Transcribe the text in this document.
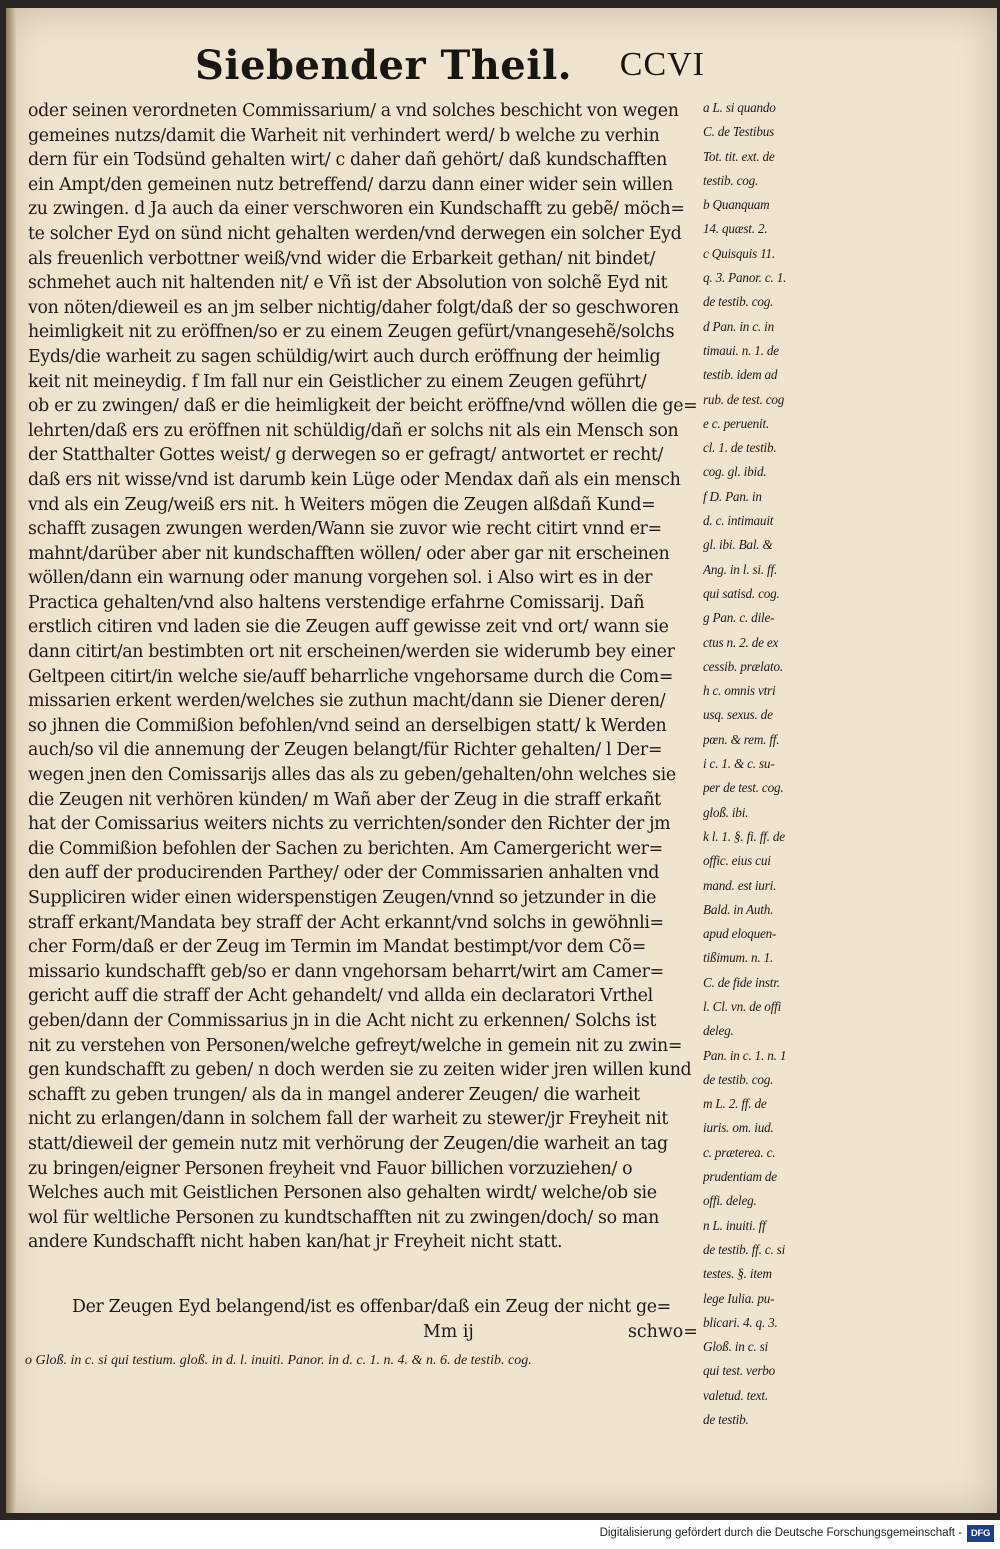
Siebender Theil. CCVI
oder seinen verordneten Commissarium/ a vnd solches beschicht von wegen
gemeines nutzs/damit die Warheit nit verhindert werd/ b welche zu verhin
dern für ein Todsünd gehalten wirt/ c daher dañ gehört/ daß kundschafften
ein Ampt/den gemeinen nutz betreffend/ darzu dann einer wider sein willen
zu zwingen. d Ja auch da einer verschworen ein Kundschafft zu gebẽ/ möch=
te solcher Eyd on sünd nicht gehalten werden/vnd derwegen ein solcher Eyd
als freuenlich verbottner weiß/vnd wider die Erbarkeit gethan/ nit bindet/
schmehet auch nit haltenden nit/ e Vñ ist der Absolution von solchẽ Eyd nit
von nöten/dieweil es an jm selber nichtig/daher folgt/daß der so geschworen
heimligkeit nit zu eröffnen/so er zu einem Zeugen gefürt/vnangesehẽ/solchs
Eyds/die warheit zu sagen schüldig/wirt auch durch eröffnung der heimlig
keit nit meineydig. f Im fall nur ein Geistlicher zu einem Zeugen geführt/
ob er zu zwingen/ daß er die heimligkeit der beicht eröffne/vnd wöllen die ge=
lehrten/daß ers zu eröffnen nit schüldig/dañ er solchs nit als ein Mensch son
der Statthalter Gottes weist/ g derwegen so er gefragt/ antwortet er recht/
daß ers nit wisse/vnd ist darumb kein Lüge oder Mendax dañ als ein mensch
vnd als ein Zeug/weiß ers nit. h Weiters mögen die Zeugen alßdañ Kund=
schafft zusagen zwungen werden/Wann sie zuvor wie recht citirt vnnd er=
mahnt/darüber aber nit kundschafften wöllen/ oder aber gar nit erscheinen
wöllen/dann ein warnung oder manung vorgehen sol. i Also wirt es in der
Practica gehalten/vnd also haltens verstendige erfahrne Comissarij. Dañ
erstlich citiren vnd laden sie die Zeugen auff gewisse zeit vnd ort/ wann sie
dann citirt/an bestimbten ort nit erscheinen/werden sie widerumb bey einer
Geltpeen citirt/in welche sie/auff beharrliche vngehorsame durch die Com=
missarien erkent werden/welches sie zuthun macht/dann sie Diener deren/
so jhnen die Commißion befohlen/vnd seind an derselbigen statt/ k Werden
auch/so vil die annemung der Zeugen belangt/für Richter gehalten/ l Der=
wegen jnen den Comissarijs alles das als zu geben/gehalten/ohn welches sie
die Zeugen nit verhören künden/ m Wañ aber der Zeug in die straff erkañt
hat der Comissarius weiters nichts zu verrichten/sonder den Richter der jm
die Commißion befohlen der Sachen zu berichten. Am Camergericht wer=
den auff der producirenden Parthey/ oder der Commissarien anhalten vnd
Suppliciren wider einen widerspenstigen Zeugen/vnnd so jetzunder in die
straff erkant/Mandata bey straff der Acht erkannt/vnd solchs in gewöhnli=
cher Form/daß er der Zeug im Termin im Mandat bestimpt/vor dem Cõ=
missario kundschafft geb/so er dann vngehorsam beharrt/wirt am Camer=
gericht auff die straff der Acht gehandelt/ vnd allda ein declaratori Vrthel
geben/dann der Commissarius jn in die Acht nicht zu erkennen/ Solchs ist
nit zu verstehen von Personen/welche gefreyt/welche in gemein nit zu zwin=
gen kundschafft zu geben/ n doch werden sie zu zeiten wider jren willen kund
schafft zu geben trungen/ als da in mangel anderer Zeugen/ die warheit
nicht zu erlangen/dann in solchem fall der warheit zu stewer/jr Freyheit nit
statt/dieweil der gemein nutz mit verhörung der Zeugen/die warheit an tag
zu bringen/eigner Personen freyheit vnd Fauor billichen vorzuziehen/ o
Welches auch mit Geistlichen Personen also gehalten wirdt/ welche/ob sie
wol für weltliche Personen zu kundtschafften nit zu zwingen/doch/ so man
andere Kundschafft nicht haben kan/hat jr Freyheit nicht statt.
a L. si quando
C. de Testibus
Tot. tit. ext. de
testib. cog.
b Quanquam
14. quæst. 2.
c Quisquis 11.
q. 3. Panor. c. 1.
de testib. cog.
d Pan. in c. in
timaui. n. 1. de
testib. idem ad
rub. de test. cog
e c. peruenit.
cl. 1. de testib.
cog. gl. ibid.
f D. Pan. in
d. c. intimauit
gl. ibi. Bal. &
Ang. in l. si. ff.
qui satisd. cog.
g Pan. c. dile-
ctus n. 2. de ex
cessib. prælato.
h c. omnis vtri
usq. sexus. de
pœn. & rem. ff.
i c. 1. & c. su-
per de test. cog.
gloß. ibi.
k l. 1. §. fi. ff. de
offic. eius cui
mand. est iuri.
Bald. in Auth.
apud eloquen-
tißimum. n. 1.
C. de fide instr.
l. Cl. vn. de offi
deleg.
Pan. in c. 1. n. 1
de testib. cog.
m L. 2. ff. de
iuris. om. iud.
c. prætereа. c.
prudentiam de
offi. deleg.
n L. inuiti. ff
de testib. ff. c. si
testes. §. item
lege Iulia. pu-
blicari. 4. q. 3.
Gloß. in c. si
qui test. verbo
valetud. text.
de testib.
Der Zeugen Eyd belangend/ist es offenbar/daß ein Zeug der nicht ge=
Mm ij	schwo=
o Gloß. in c. si qui testium. gloß. in d. l. inuiti. Panor. in d. c. 1. n. 4. & n. 6. de testib. cog.
Digitalisierung gefördert durch die Deutsche Forschungsgemeinschaft - DFG
